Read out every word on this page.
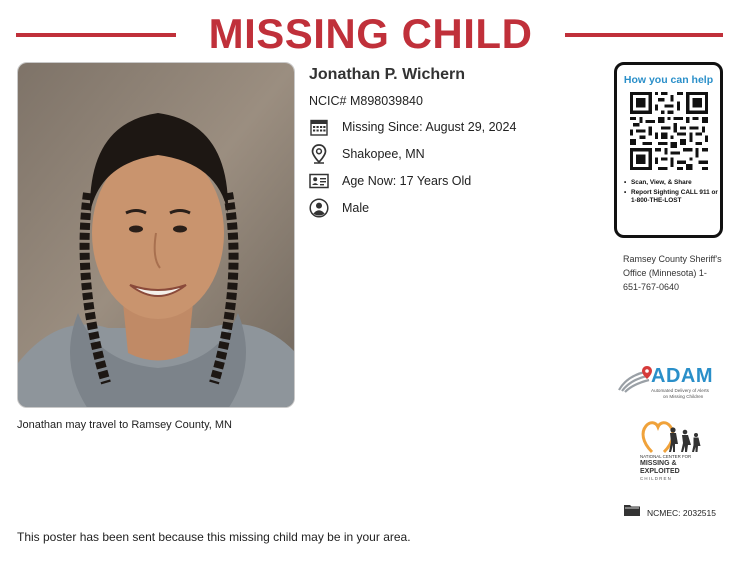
MISSING CHILD
Jonathan may travel to Ramsey County, MN
Jonathan P. Wichern
NCIC# M898039840
Missing Since: August 29, 2024
Shakopee, MN
Age Now: 17 Years Old
Male
How you can help
• Scan, View, & Share
• Report Sighting CALL 911 or 1-800-THE-LOST
Ramsey County Sheriff's Office (Minnesota) 1-651-767-0640
ADAM
Automated Delivery of Alerts
on Missing Children
NATIONAL CENTER FOR
MISSING &
EXPLOITED
CHILDREN
NCMEC: 2032515
This poster has been sent because this missing child may be in your area.
